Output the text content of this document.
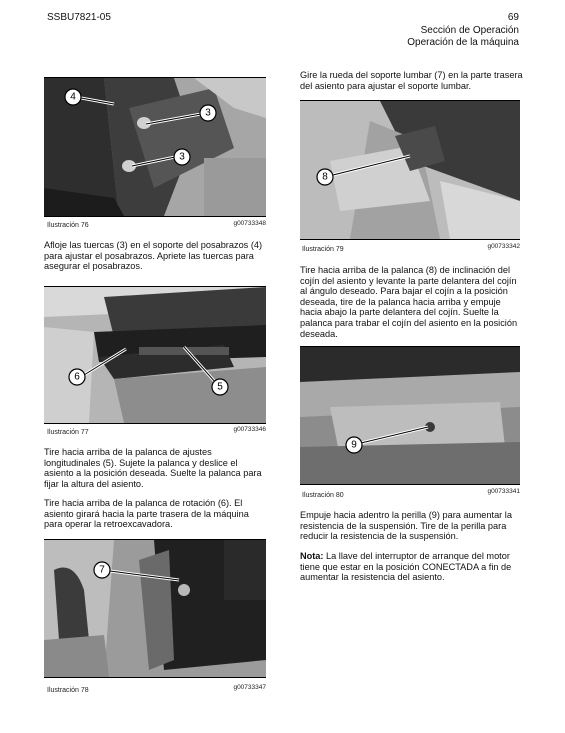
SSBU7821-05	69
Sección de Operación
Operación de la máquina
4
3
3
Ilustración 76	g00733348
Afloje las tuercas (3) en el soporte del posabrazos (4) para ajustar el posabrazos. Apriete las tuercas para asegurar el posabrazos.
6
5
Ilustración 77	g00733346
Tire hacia arriba de la palanca de ajustes longitudinales (5). Sujete la palanca y deslice el asiento a la posición deseada. Suelte la palanca para fijar la altura del asiento.
Tire hacia arriba de la palanca de rotación (6). El asiento girará hacia la parte trasera de la máquina para operar la retroexcavadora.
7
Ilustración 78	g00733347
Gire la rueda del soporte lumbar (7) en la parte trasera del asiento para ajustar el soporte lumbar.
8
Ilustración 79	g00733342
Tire hacia arriba de la palanca (8) de inclinación del cojín del asiento y levante la parte delantera del cojín al ángulo deseado. Para bajar el cojín a la posición deseada, tire de la palanca hacia arriba y empuje hacia abajo la parte delantera del cojín. Suelte la palanca para trabar el cojín del asiento en la posición deseada.
9
Ilustración 80
g00733341
Empuje hacia adentro la perilla (9) para aumentar la resistencia de la suspensión. Tire de la perilla para reducir la resistencia de la suspensión.
Nota: La llave del interruptor de arranque del motor tiene que estar en la posición CONECTADA a fin de aumentar la resistencia del asiento.
